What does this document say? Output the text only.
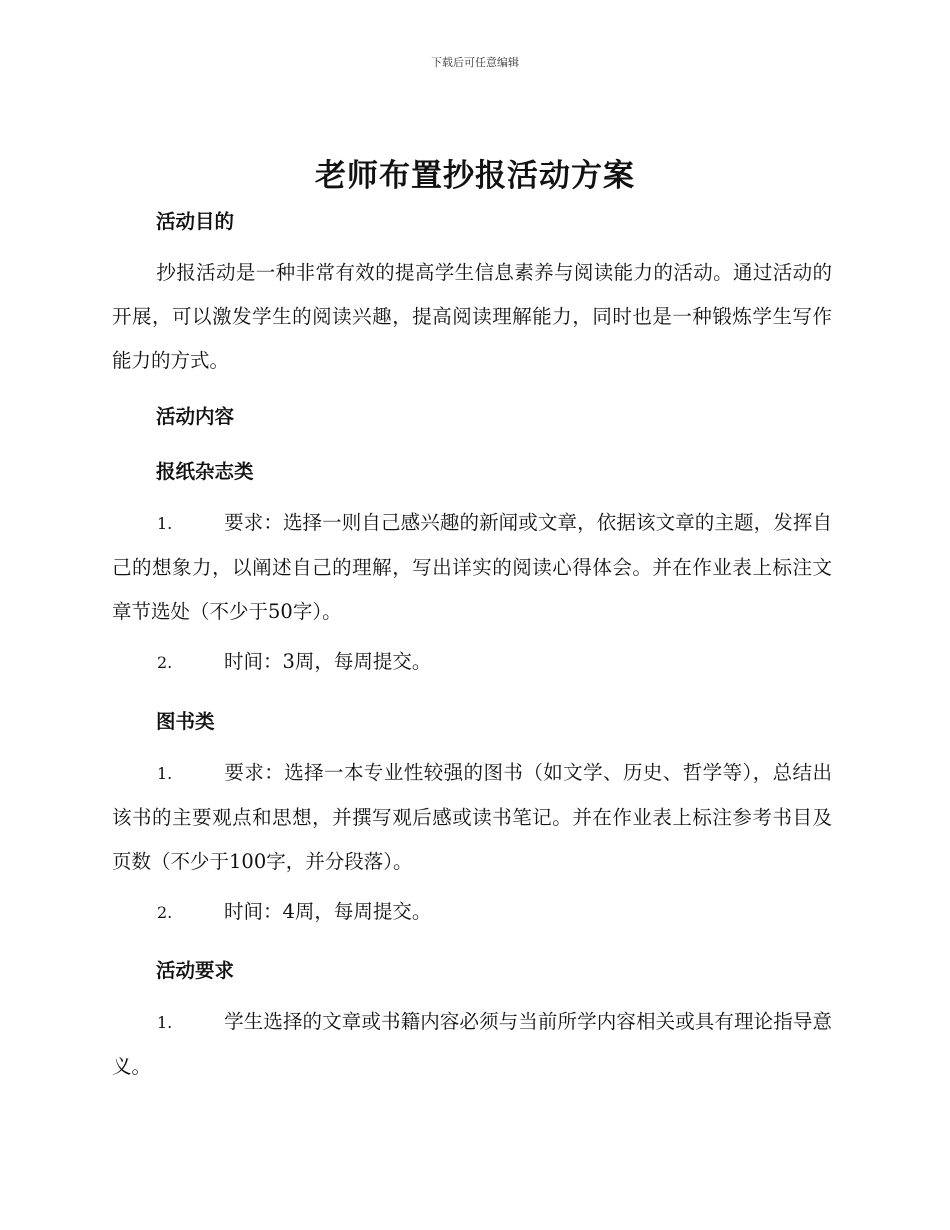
下载后可任意编辑
老师布置抄报活动方案
活动目的
抄报活动是一种非常有效的提高学生信息素养与阅读能力的活动。通过活动的开展，可以激发学生的阅读兴趣，提高阅读理解能力，同时也是一种锻炼学生写作能力的方式。
活动内容
报纸杂志类
1.	要求：选择一则自己感兴趣的新闻或文章，依据该文章的主题，发挥自己的想象力，以阐述自己的理解，写出详实的阅读心得体会。并在作业表上标注文章节选处（不少于50字）。
2.	时间：3周，每周提交。
图书类
1.	要求：选择一本专业性较强的图书（如文学、历史、哲学等），总结出该书的主要观点和思想，并撰写观后感或读书笔记。并在作业表上标注参考书目及页数（不少于100字，并分段落）。
2.	时间：4周，每周提交。
活动要求
1.	学生选择的文章或书籍内容必须与当前所学内容相关或具有理论指导意义。
